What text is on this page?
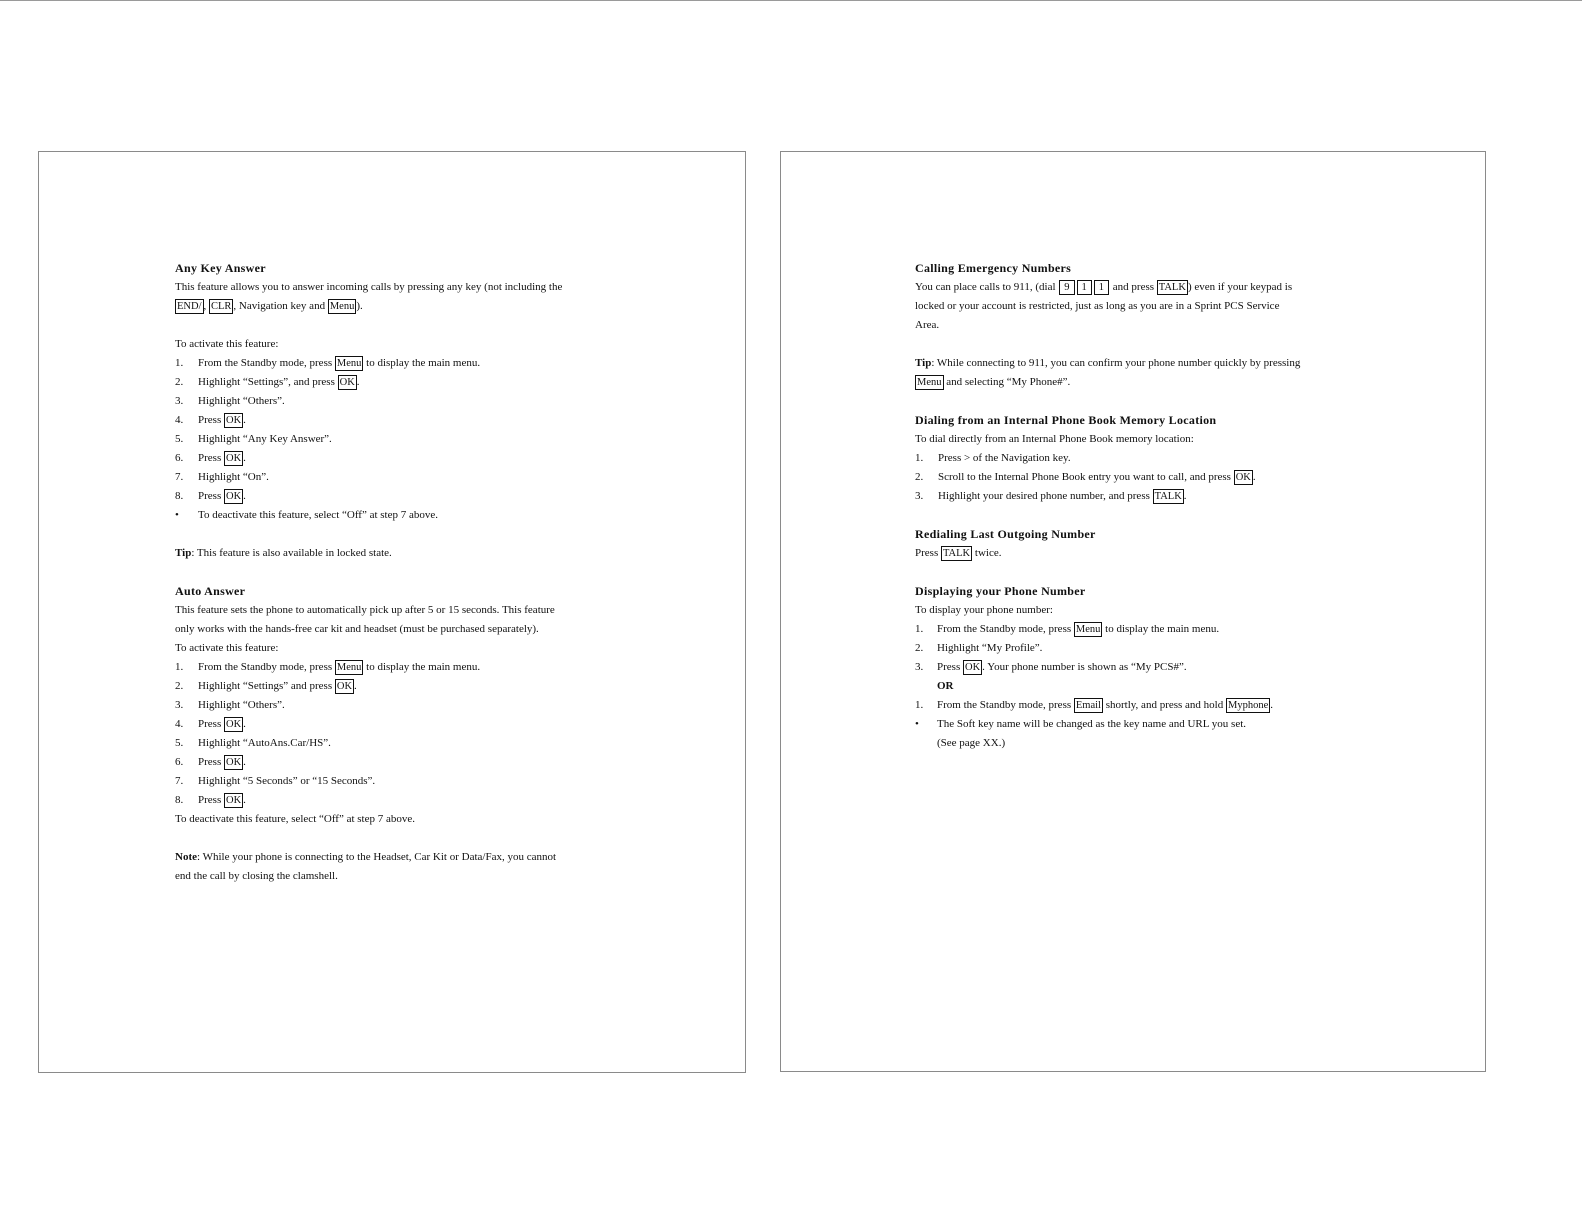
Any Key Answer
This feature allows you to answer incoming calls by pressing any key (not including the
END/ , CLR , Navigation key and Menu ).
To activate this feature:
1.	From the Standby mode, press Menu to display the main menu.
2.	Highlight “Settings”, and press OK .
3.	Highlight “Others”.
4.	Press OK .
5.	Highlight “Any Key Answer”.
6.	Press OK .
7.	Highlight “On”.
8.	Press OK .
•	To deactivate this feature, select “Off” at step 7 above.
Tip: This feature is also available in locked state.
Auto Answer
This feature sets the phone to automatically pick up after 5 or 15 seconds. This feature
only works with the hands-free car kit and headset (must be purchased separately).
To activate this feature:
1.	From the Standby mode, press Menu to display the main menu.
2.	Highlight “Settings” and press OK .
3.	Highlight “Others”.
4.	Press OK .
5.	Highlight “AutoAns.Car/HS”.
6.	Press OK .
7.	Highlight “5 Seconds” or “15 Seconds”.
8.	Press OK .
To deactivate this feature, select “Off” at step 7 above.
Note: While your phone is connecting to the Headset, Car Kit or Data/Fax, you cannot
end the call by closing the clamshell.
Calling Emergency Numbers
You can place calls to 911, (dial 9 1 1 and press TALK ) even if your keypad is
locked or your account is restricted, just as long as you are in a Sprint PCS Service
Area.
Tip: While connecting to 911, you can confirm your phone number quickly by pressing
Menu and selecting “My Phone#”.
Dialing from an Internal Phone Book Memory Location
To dial directly from an Internal Phone Book memory location:
1.	Press > of the Navigation key.
2.	Scroll to the Internal Phone Book entry you want to call, and press OK .
3.	Highlight your desired phone number, and press TALK .
Redialing Last Outgoing Number
Press TALK twice.
Displaying your Phone Number
To display your phone number:
1.	From the Standby mode, press Menu to display the main menu.
2.	Highlight “My Profile”.
3.	Press OK . Your phone number is shown as “My PCS#”.
OR
1.	From the Standby mode, press Email shortly, and press and hold Myphone .
•	The Soft key name will be changed as the key name and URL you set.
(See page XX.)
